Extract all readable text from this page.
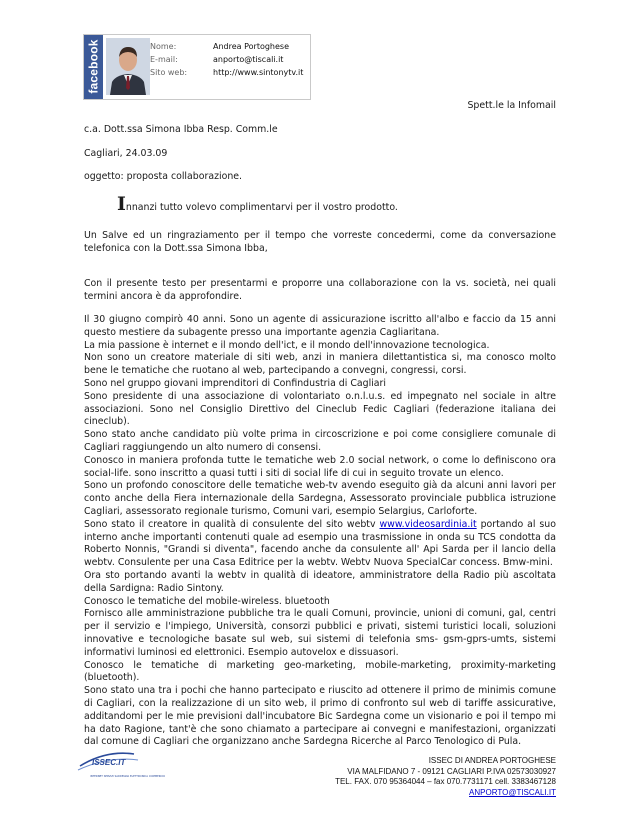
facebook	Nome:	Andrea Portoghese
E-mail:	anporto@tiscali.it
Sito web:	http://www.sintonytv.it
Spett.le la Infomail

c.a. Dott.ssa Simona Ibba Resp. Comm.le

Cagliari, 24.03.09

oggetto: proposta collaborazione.

Innanzi tutto volevo complimentarvi per il vostro prodotto.

Un Salve ed un ringraziamento per il tempo che vorreste concedermi, come da conversazione telefonica con la Dott.ssa Simona Ibba,

Con il presente testo per presentarmi e proporre una collaborazione con la vs. società, nei quali termini ancora è da approfondire.

Il 30 giugno compirò 40 anni. Sono un agente di assicurazione iscritto all'albo e faccio da 15 anni questo mestiere da subagente presso una importante agenzia Cagliaritana.

La mia passione è internet e il mondo dell'ict, e il mondo dell'innovazione tecnologica.

Non sono un creatore materiale di siti web, anzi in maniera dilettantistica si, ma conosco molto bene le tematiche che ruotano al web, partecipando a convegni, congressi, corsi.

Sono nel gruppo giovani imprenditori di Confindustria di Cagliari

Sono presidente di una associazione di volontariato o.n.l.u.s. ed impegnato nel sociale in altre associazioni. Sono nel Consiglio Direttivo del Cineclub Fedic Cagliari (federazione italiana dei cineclub).

Sono stato anche candidato più volte prima in circoscrizione e poi come consigliere comunale di Cagliari raggiungendo un alto numero di consensi.

Conosco in maniera profonda tutte le tematiche web 2.0 social network, o come lo definiscono ora social-life. sono inscritto a quasi tutti i siti di social life di cui in seguito trovate un elenco.

Sono un profondo conoscitore delle tematiche web-tv avendo eseguito già da alcuni anni lavori per conto anche della Fiera internazionale della Sardegna, Assessorato provinciale pubblica istruzione Cagliari, assessorato regionale turismo, Comuni vari, esempio Selargius, Carloforte.

Sono stato il creatore in qualità di consulente del sito webtv www.videosardinia.it portando al suo interno anche importanti contenuti quale ad esempio una trasmissione in onda su TCS condotta da Roberto Nonnis, "Grandi si diventa", facendo anche da consulente all' Api Sarda per il lancio della webtv. Consulente per una Casa Editrice per la webtv. Webtv Nuova SpecialCar concess. Bmw-mini.

Ora sto portando avanti la webtv in qualità di ideatore, amministratore della Radio più ascoltata della Sardigna: Radio Sintony.

Conosco le tematiche del mobile-wireless. bluetooth

Fornisco alle amministrazione pubbliche tra le quali Comuni, provincie, unioni di comuni, gal, centri per il servizio e l'impiego, Università, consorzi pubblici e privati, sistemi turistici locali, soluzioni innovative e tecnologiche basate sul web, sui sistemi di telefonia sms- gsm-gprs-umts, sistemi informativi luminosi ed elettronici. Esempio autovelox e dissuasori.

Conosco le tematiche di marketing geo-marketing, mobile-marketing, proximity-marketing (bluetooth).

Sono stato una tra i pochi che hanno partecipato e riuscito ad ottenere il primo de minimis comune di Cagliari, con la realizzazione di un sito web, il primo di confronto sul web di tariffe assicurative, additandomi per le mie previsioni dall'incubatore Bic Sardegna come un visionario e poi il tempo mi ha dato Ragione, tant'è che sono chiamato a partecipare ai convegni e manifestazioni, organizzati dal comune di Cagliari che organizzano anche Sardegna Ricerche al Parco Tenologico di Pula.

ISSEC.IT
INTERNET SERVIZI SARDEGNA ELETTRONICA COMMERCIO
ISSEC DI ANDREA PORTOGHESE
VIA MALFIDANO 7 - 09121 CAGLIARI P.IVA 02573030927
TEL. FAX. 070 95364044 – fax 070.7731171 cell. 3383467128
ANPORTO@TISCALI.IT
